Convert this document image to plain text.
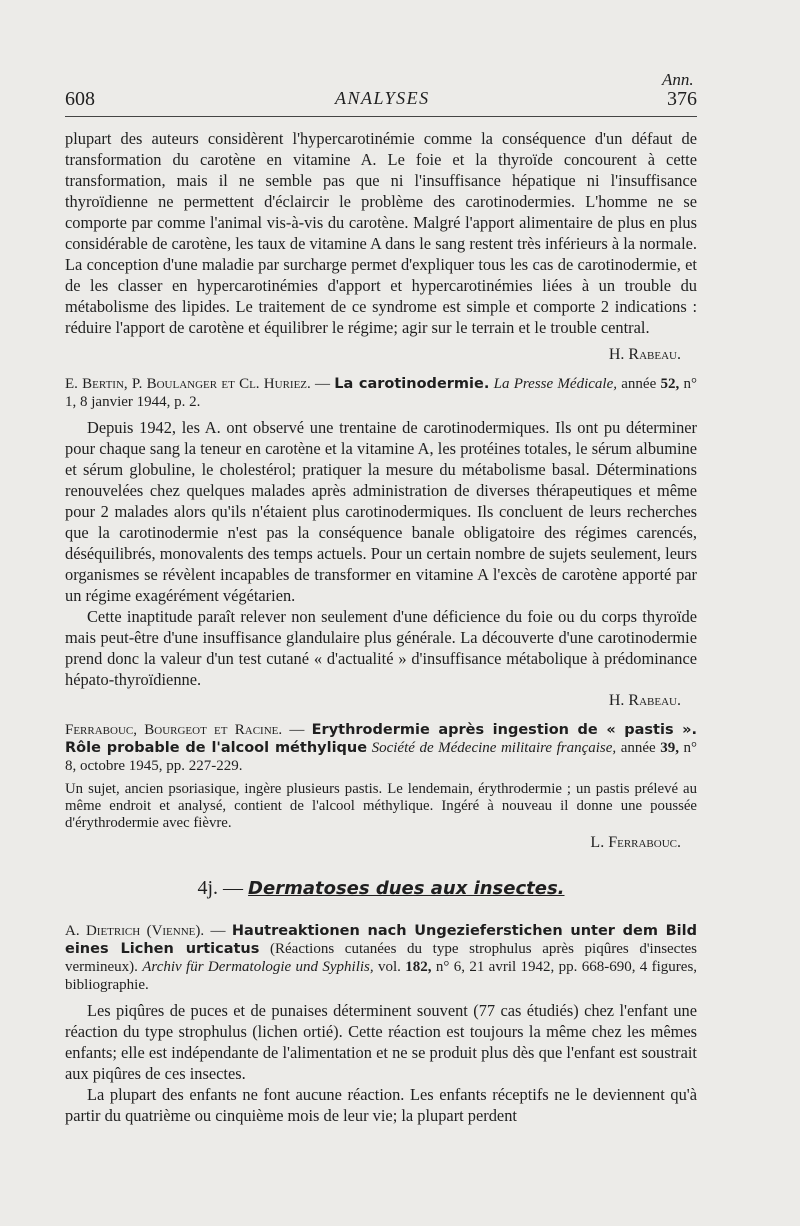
Ann.
608	ANALYSES	376

plupart des auteurs considèrent l'hypercarotinémie comme la conséquence d'un défaut de transformation du carotène en vitamine A. Le foie et la thyroïde concourent à cette transformation, mais il ne semble pas que ni l'insuffisance hépatique ni l'insuffisance thyroïdienne ne permettent d'éclaircir le problème des carotinodermies. L'homme ne se comporte par comme l'animal vis-à-vis du carotène. Malgré l'apport alimentaire de plus en plus considérable de carotène, les taux de vitamine A dans le sang restent très inférieurs à la normale. La conception d'une maladie par surcharge permet d'expliquer tous les cas de carotinodermie, et de les classer en hypercarotinémies d'apport et hypercarotinémies liées à un trouble du métabolisme des lipides. Le traitement de ce syndrome est simple et comporte 2 indications : réduire l'apport de carotène et équilibrer le régime; agir sur le terrain et le trouble central.

H. Rabeau.

E. Bertin, P. Boulanger et Cl. Huriez. — La carotinodermie. La Presse Médicale, année 52, n° 1, 8 janvier 1944, p. 2.

Depuis 1942, les A. ont observé une trentaine de carotinodermiques. Ils ont pu déterminer pour chaque sang la teneur en carotène et la vitamine A, les protéines totales, le sérum albumine et sérum globuline, le cholestérol; pratiquer la mesure du métabolisme basal. Déterminations renouvelées chez quelques malades après administration de diverses thérapeutiques et même pour 2 malades alors qu'ils n'étaient plus carotinodermiques. Ils concluent de leurs recherches que la carotinodermie n'est pas la conséquence banale obligatoire des régimes carencés, déséquilibrés, monovalents des temps actuels. Pour un certain nombre de sujets seulement, leurs organismes se révèlent incapables de transformer en vitamine A l'excès de carotène apporté par un régime exagérément végétarien.

Cette inaptitude paraît relever non seulement d'une déficience du foie ou du corps thyroïde mais peut-être d'une insuffisance glandulaire plus générale. La découverte d'une carotinodermie prend donc la valeur d'un test cutané « d'actualité » d'insuffisance métabolique à prédominance hépato-thyroïdienne.

H. Rabeau.

Ferrabouc, Bourgeot et Racine. — Erythrodermie après ingestion de « pastis ». Rôle probable de l'alcool méthylique Société de Médecine militaire française, année 39, n° 8, octobre 1945, pp. 227-229.

Un sujet, ancien psoriasique, ingère plusieurs pastis. Le lendemain, érythrodermie ; un pastis prélevé au même endroit et analysé, contient de l'alcool méthylique. Ingéré à nouveau il donne une poussée d'érythrodermie avec fièvre.

L. Ferrabouc.

4j. — Dermatoses dues aux insectes.

A. Dietrich (Vienne). — Hautreaktionen nach Ungezieferstichen unter dem Bild eines Lichen urticatus (Réactions cutanées du type strophulus après piqûres d'insectes vermineux). Archiv für Dermatologie und Syphilis, vol. 182, n° 6, 21 avril 1942, pp. 668-690, 4 figures, bibliographie.

Les piqûres de puces et de punaises déterminent souvent (77 cas étudiés) chez l'enfant une réaction du type strophulus (lichen ortié). Cette réaction est toujours la même chez les mêmes enfants; elle est indépendante de l'alimentation et ne se produit plus dès que l'enfant est soustrait aux piqûres de ces insectes.

La plupart des enfants ne font aucune réaction. Les enfants réceptifs ne le deviennent qu'à partir du quatrième ou cinquième mois de leur vie; la plupart perdent
